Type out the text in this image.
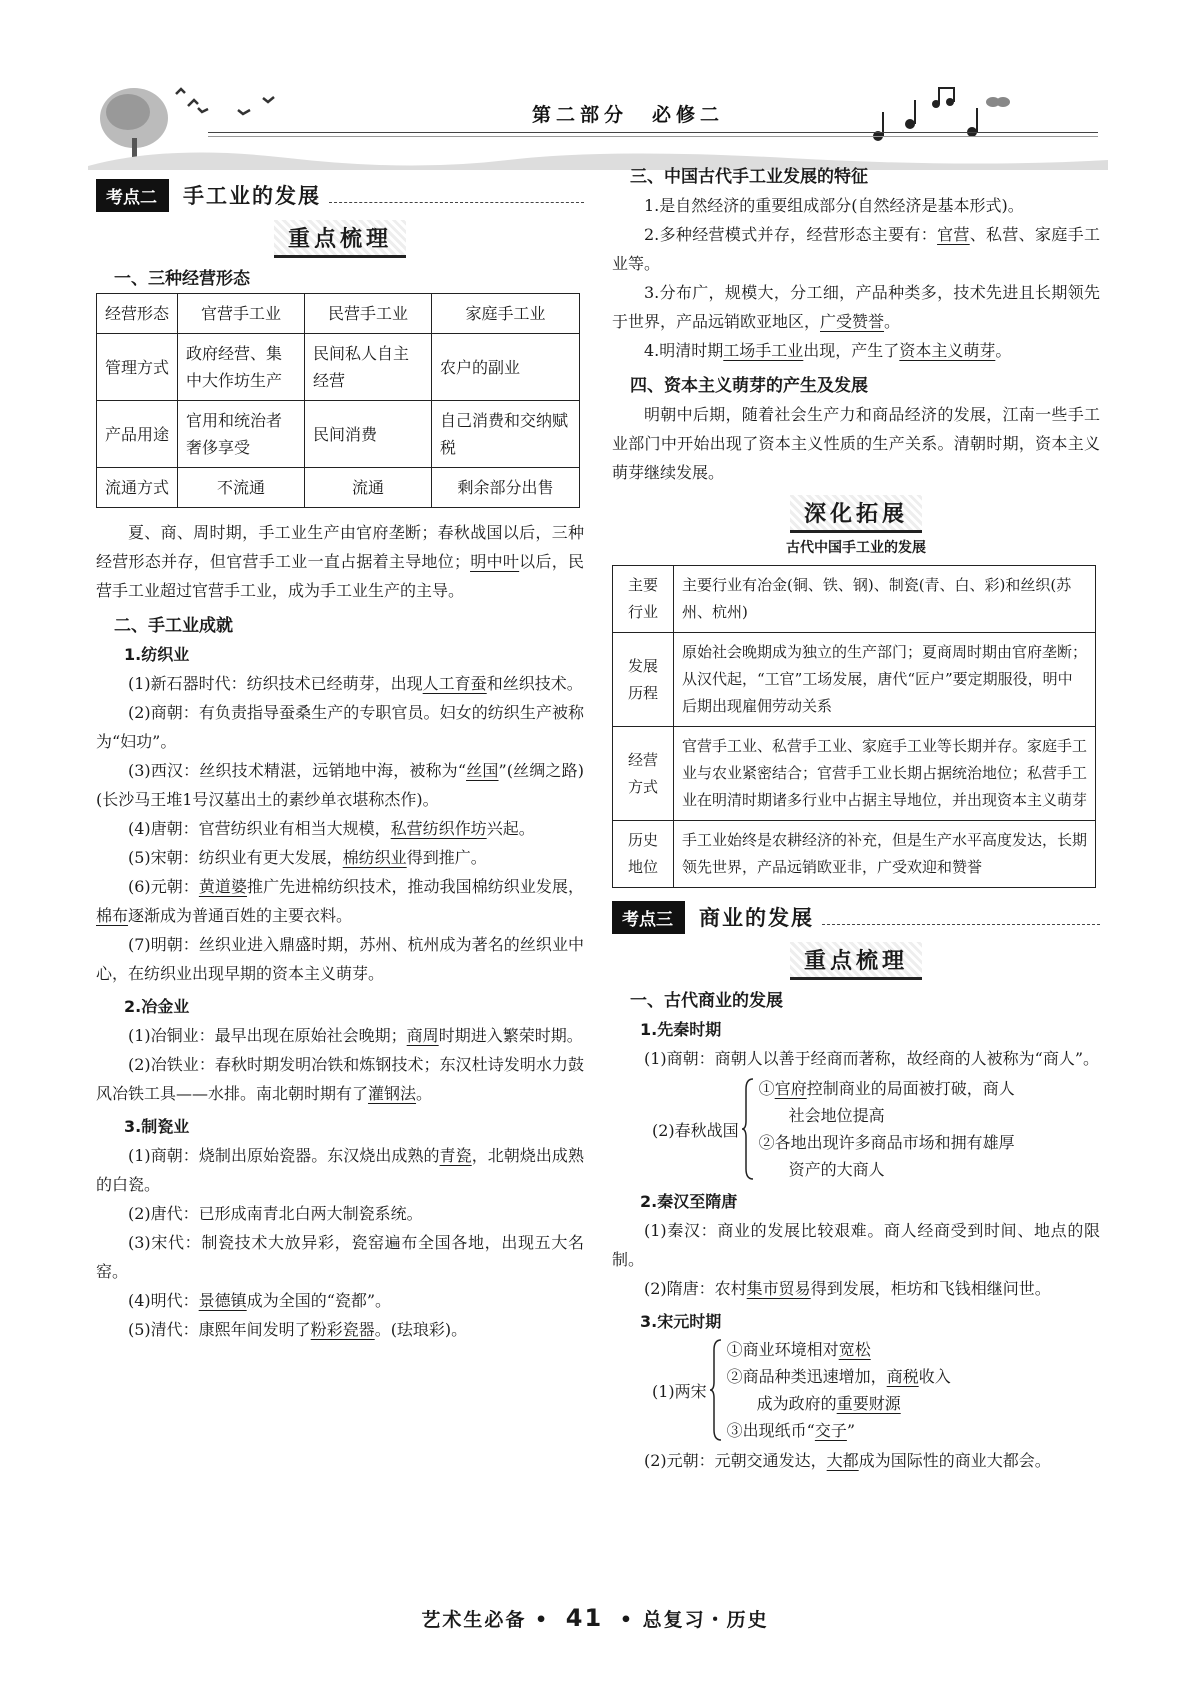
第二部分　必修二
考点二	手工业的发展
重点梳理
一、三种经营形态
经营形态	官营手工业	民营手工业	家庭手工业
管理方式	政府经营、集中大作坊生产	民间私人自主经营	农户的副业
产品用途	官用和统治者奢侈享受	民间消费	自己消费和交纳赋税
流通方式	不流通	流通	剩余部分出售

夏、商、周时期，手工业生产由官府垄断；春秋战国以后，三种经营形态并存，但官营手工业一直占据着主导地位；明中叶以后，民营手工业超过官营手工业，成为手工业生产的主导。

二、手工业成就
1.纺织业

(1)新石器时代：纺织技术已经萌芽，出现人工育蚕和丝织技术。

(2)商朝：有负责指导蚕桑生产的专职官员。妇女的纺织生产被称为“妇功”。

(3)西汉：丝织技术精湛，远销地中海，被称为“丝国”(丝绸之路)(长沙马王堆1号汉墓出土的素纱单衣堪称杰作)。

(4)唐朝：官营纺织业有相当大规模，私营纺织作坊兴起。

(5)宋朝：纺织业有更大发展，棉纺织业得到推广。

(6)元朝：黄道婆推广先进棉纺织技术，推动我国棉纺织业发展，棉布逐渐成为普通百姓的主要衣料。

(7)明朝：丝织业进入鼎盛时期，苏州、杭州成为著名的丝织业中心，在纺织业出现早期的资本主义萌芽。

2.冶金业

(1)冶铜业：最早出现在原始社会晚期；商周时期进入繁荣时期。

(2)冶铁业：春秋时期发明冶铁和炼钢技术；东汉杜诗发明水力鼓风冶铁工具——水排。南北朝时期有了灌钢法。

3.制瓷业

(1)商朝：烧制出原始瓷器。东汉烧出成熟的青瓷，北朝烧出成熟的白瓷。

(2)唐代：已形成南青北白两大制瓷系统。

(3)宋代：制瓷技术大放异彩，瓷窑遍布全国各地，出现五大名窑。

(4)明代：景德镇成为全国的“瓷都”。

(5)清代：康熙年间发明了粉彩瓷器。(珐琅彩)。

三、中国古代手工业发展的特征

1.是自然经济的重要组成部分(自然经济是基本形式)。

2.多种经营模式并存，经营形态主要有：官营、私营、家庭手工业等。

3.分布广，规模大，分工细，产品种类多，技术先进且长期领先于世界，产品远销欧亚地区，广受赞誉。

4.明清时期工场手工业出现，产生了资本主义萌芽。

四、资本主义萌芽的产生及发展

明朝中后期，随着社会生产力和商品经济的发展，江南一些手工业部门中开始出现了资本主义性质的生产关系。清朝时期，资本主义萌芽继续发展。

深化拓展
古代中国手工业的发展
主要行业	主要行业有冶金(铜、铁、钢)、制瓷(青、白、彩)和丝织(苏州、杭州)
发展历程	原始社会晚期成为独立的生产部门；夏商周时期由官府垄断；从汉代起，“工官”工场发展，唐代“匠户”要定期服役，明中后期出现雇佣劳动关系
经营方式	官营手工业、私营手工业、家庭手工业等长期并存。家庭手工业与农业紧密结合；官营手工业长期占据统治地位；私营手工业在明清时期诸多行业中占据主导地位，并出现资本主义萌芽
历史地位	手工业始终是农耕经济的补充，但是生产水平高度发达，长期领先世界，产品远销欧亚非，广受欢迎和赞誉
考点三	商业的发展
重点梳理
一、古代商业的发展
1.先秦时期

(1)商朝：商朝人以善于经商而著称，故经商的人被称为“商人”。

(2)春秋战国
①官府控制商业的局面被打破，商人
社会地位提高
②各地出现许多商品市场和拥有雄厚
资产的大商人
2.秦汉至隋唐

(1)秦汉：商业的发展比较艰难。商人经商受到时间、地点的限制。

(2)隋唐：农村集市贸易得到发展，柜坊和飞钱相继问世。

3.宋元时期
(1)两宋
①商业环境相对宽松
②商品种类迅速增加，商税收入
成为政府的重要财源
③出现纸币“交子”

(2)元朝：元朝交通发达，大都成为国际性的商业大都会。

艺术生必备 • 41 • 总复习・历史
